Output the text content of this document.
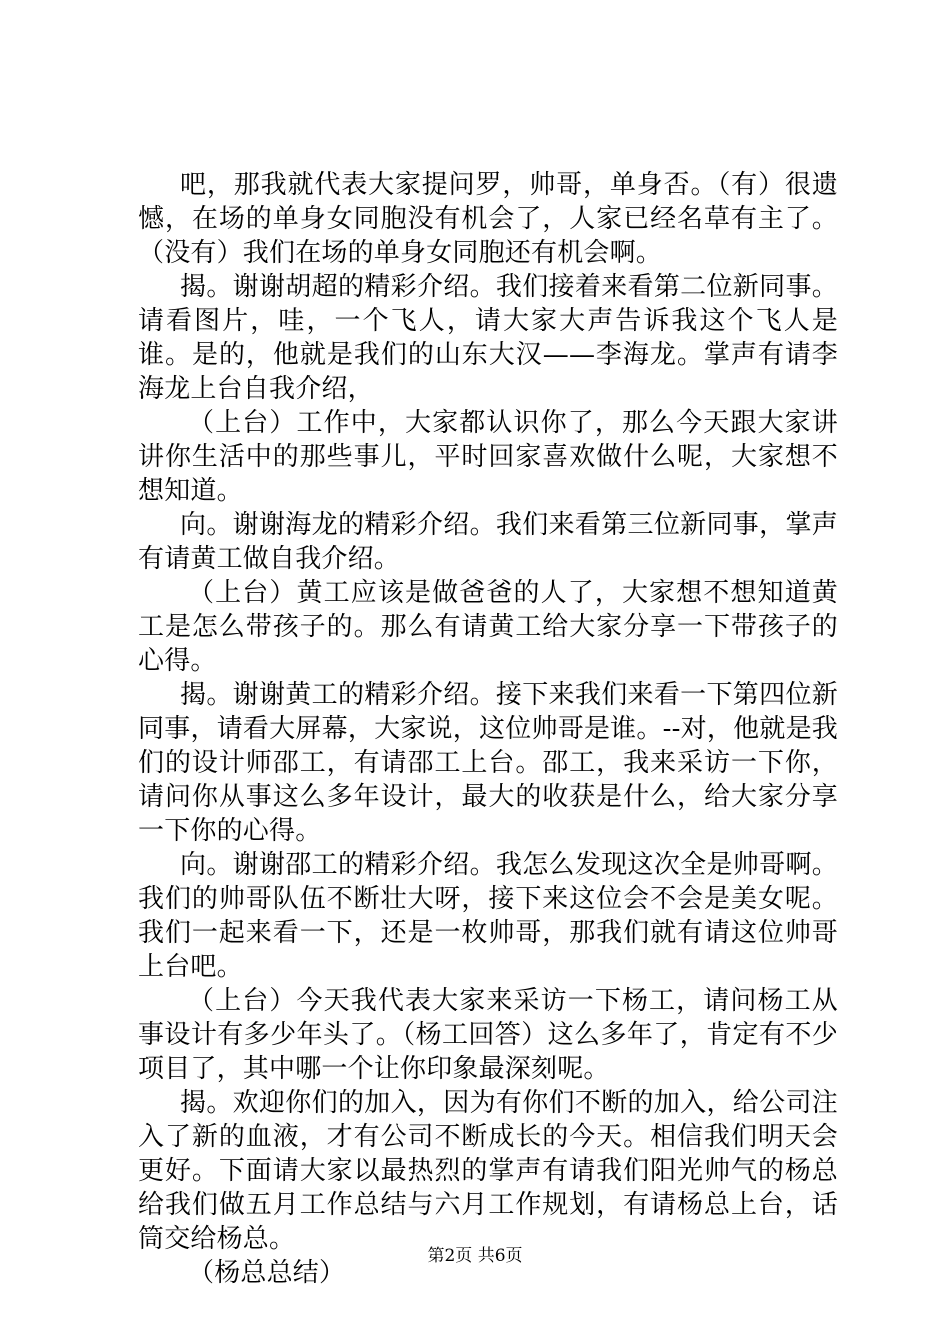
吧，那我就代表大家提问罗，帅哥，单身否。（有）很遗憾，在场的单身女同胞没有机会了，人家已经名草有主了。（没有）我们在场的单身女同胞还有机会啊。

揭。谢谢胡超的精彩介绍。我们接着来看第二位新同事。请看图片，哇，一个飞人，请大家大声告诉我这个飞人是谁。是的，他就是我们的山东大汉——李海龙。掌声有请李海龙上台自我介绍，

（上台）工作中，大家都认识你了，那么今天跟大家讲讲你生活中的那些事儿，平时回家喜欢做什么呢，大家想不想知道。

向。谢谢海龙的精彩介绍。我们来看第三位新同事，掌声有请黄工做自我介绍。

（上台）黄工应该是做爸爸的人了，大家想不想知道黄工是怎么带孩子的。那么有请黄工给大家分享一下带孩子的心得。

揭。谢谢黄工的精彩介绍。接下来我们来看一下第四位新同事，请看大屏幕，大家说，这位帅哥是谁。--对，他就是我们的设计师邵工，有请邵工上台。邵工，我来采访一下你，请问你从事这么多年设计，最大的收获是什么，给大家分享一下你的心得。

向。谢谢邵工的精彩介绍。我怎么发现这次全是帅哥啊。我们的帅哥队伍不断壮大呀，接下来这位会不会是美女呢。我们一起来看一下，还是一枚帅哥，那我们就有请这位帅哥上台吧。

（上台）今天我代表大家来采访一下杨工，请问杨工从事设计有多少年头了。（杨工回答）这么多年了，肯定有不少项目了，其中哪一个让你印象最深刻呢。

揭。欢迎你们的加入，因为有你们不断的加入，给公司注入了新的血液，才有公司不断成长的今天。相信我们明天会更好。下面请大家以最热烈的掌声有请我们阳光帅气的杨总给我们做五月工作总结与六月工作规划，有请杨总上台，话筒交给杨总。

（杨总总结）

第2页 共6页
